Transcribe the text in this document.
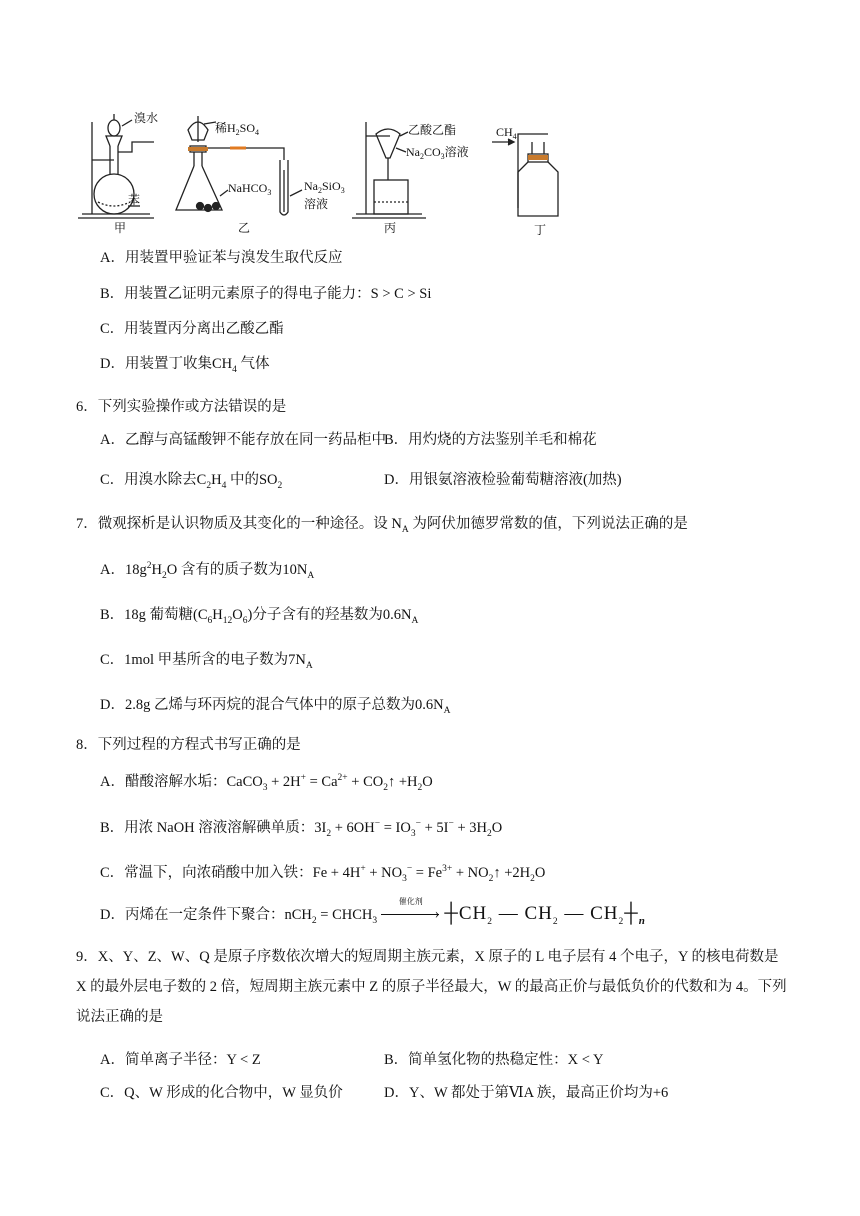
溴水
苯
甲
稀$H_2SO_4$
NaHCO$_3$
乙
$Na_2SiO_3$
溶液
乙酸乙酯
$Na_2CO_3$溶液
丙
$CH_4$
丁
A．用装置甲验证苯与溴发生取代反应
B．用装置乙证明元素原子的得电子能力：S > C > Si
C．用装置丙分离出乙酸乙酯
D．用装置丁收集$CH_4$ 气体
6．下列实验操作或方法错误的是
A．乙醇与高锰酸钾不能存放在同一药品柜中
B．用灼烧的方法鉴别羊毛和棉花
C．用溴水除去$C_2H_4$ 中的$SO_2$	D．用银氨溶液检验葡萄糖溶液(加热)
7．微观探析是认识物质及其变化的一种途径。设 $N_A$ 为阿伏加德罗常数的值，下列说法正确的是
A．$18g^2H_2O$ 含有的质子数为$10N_A$
B．18g 葡萄糖$(C_6H_{12}O_6)$分子含有的羟基数为$0.6N_A$
C．1mol 甲基所含的电子数为$7N_A$
D．2.8g 乙烯与环丙烷的混合气体中的原子总数为$0.6N_A$
8．下列过程的方程式书写正确的是
A．醋酸溶解水垢：CaCO$_3$ + $2H^+ = Ca^{2+}$ + $CO_2↑ +H_2O$
B．用浓 NaOH 溶液溶解碘单质：$3I_2 + 6OH^- = IO_3^- + 5I^- + 3H_2O$
C．常温下，向浓硝酸中加入铁：$Fe + 4H^+ + NO_3^- = Fe^{3+}$ + $NO_2↑ +2H_2O$
D．丙烯在一定条件下聚合：$nCH_2 = CHCH_3$
催化剂
› $┼CH_2$ — $CH_2$ — $CH_2┼_n$
9．X、Y、Z、W、Q 是原子序数依次增大的短周期主族元素，X 原子的 L 电子层有 4 个电子，Y 的核电荷数是 X 的最外层电子数的 2 倍，短周期主族元素中 Z 的原子半径最大，W 的最高正价与最低负价的代数和为 4。下列说法正确的是
A．简单离子半径：Y < Z	B．简单氢化物的热稳定性：X < Y
C．Q、W 形成的化合物中，W 显负价	D．Y、W 都处于第ⅥA 族，最高正价均为+6
